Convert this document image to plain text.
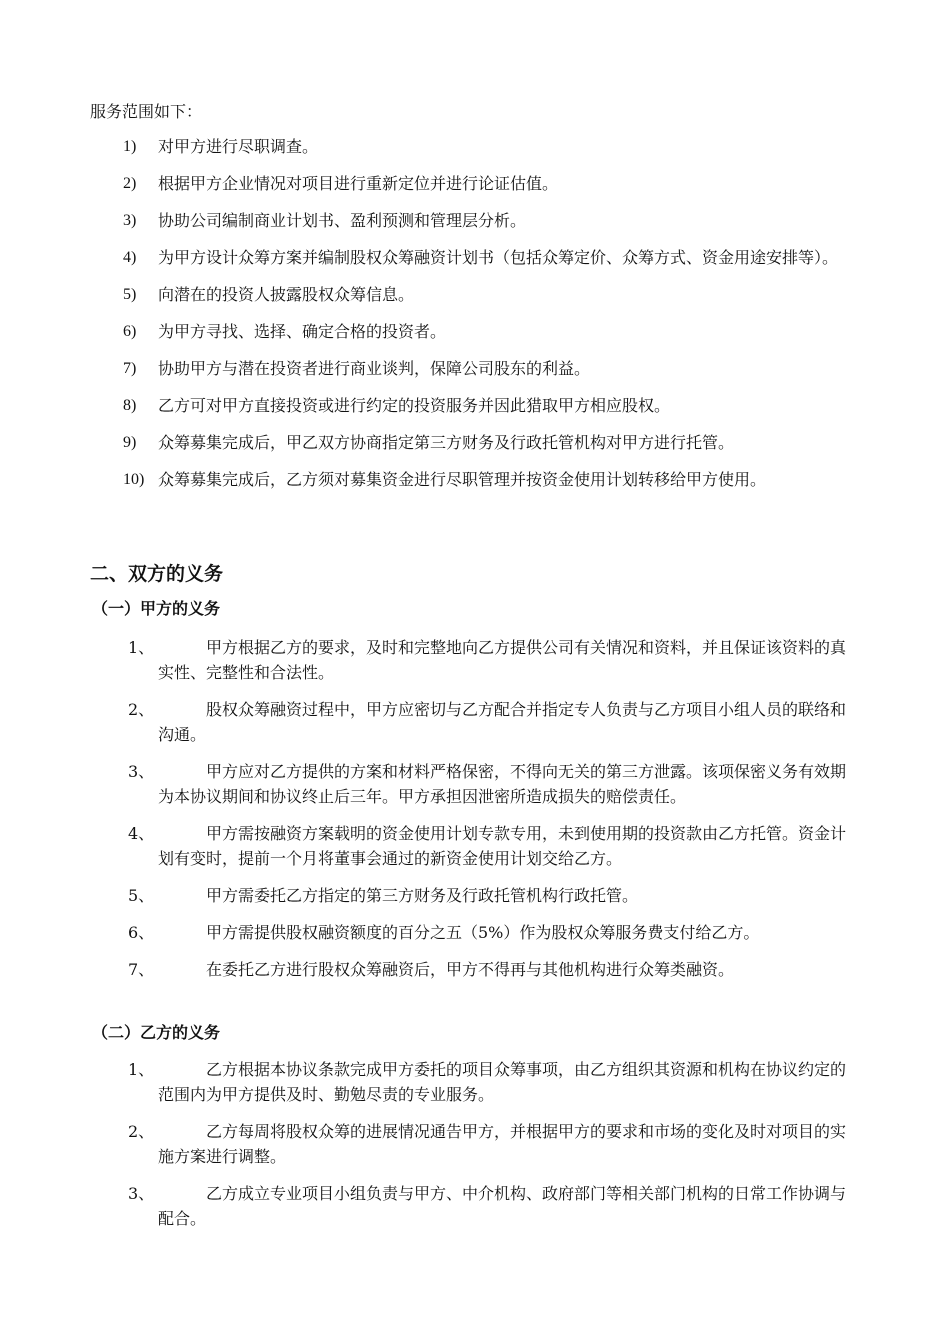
服务范围如下：

1) 对甲方进行尽职调查。
2) 根据甲方企业情况对项目进行重新定位并进行论证估值。
3) 协助公司编制商业计划书、盈利预测和管理层分析。
4) 为甲方设计众筹方案并编制股权众筹融资计划书（包括众筹定价、众筹方式、资金用途安排等）。
5) 向潜在的投资人披露股权众筹信息。
6) 为甲方寻找、选择、确定合格的投资者。
7) 协助甲方与潜在投资者进行商业谈判，保障公司股东的利益。
8) 乙方可对甲方直接投资或进行约定的投资服务并因此猎取甲方相应股权。
9) 众筹募集完成后，甲乙双方协商指定第三方财务及行政托管机构对甲方进行托管。
10) 众筹募集完成后，乙方须对募集资金进行尽职管理并按资金使用计划转移给甲方使用。
二、双方的义务
（一）甲方的义务
1、	甲方根据乙方的要求，及时和完整地向乙方提供公司有关情况和资料，并且保证该资料的真实性、完整性和合法性。
2、	股权众筹融资过程中，甲方应密切与乙方配合并指定专人负责与乙方项目小组人员的联络和沟通。
3、	甲方应对乙方提供的方案和材料严格保密，不得向无关的第三方泄露。该项保密义务有效期为本协议期间和协议终止后三年。甲方承担因泄密所造成损失的赔偿责任。
4、	甲方需按融资方案载明的资金使用计划专款专用，未到使用期的投资款由乙方托管。资金计划有变时，提前一个月将董事会通过的新资金使用计划交给乙方。
5、	甲方需委托乙方指定的第三方财务及行政托管机构行政托管。
6、	甲方需提供股权融资额度的百分之五（5%）作为股权众筹服务费支付给乙方。
7、	在委托乙方进行股权众筹融资后，甲方不得再与其他机构进行众筹类融资。
（二）乙方的义务
1、	乙方根据本协议条款完成甲方委托的项目众筹事项，由乙方组织其资源和机构在协议约定的范围内为甲方提供及时、勤勉尽责的专业服务。
2、	乙方每周将股权众筹的进展情况通告甲方，并根据甲方的要求和市场的变化及时对项目的实施方案进行调整。
3、	乙方成立专业项目小组负责与甲方、中介机构、政府部门等相关部门机构的日常工作协调与配合。
